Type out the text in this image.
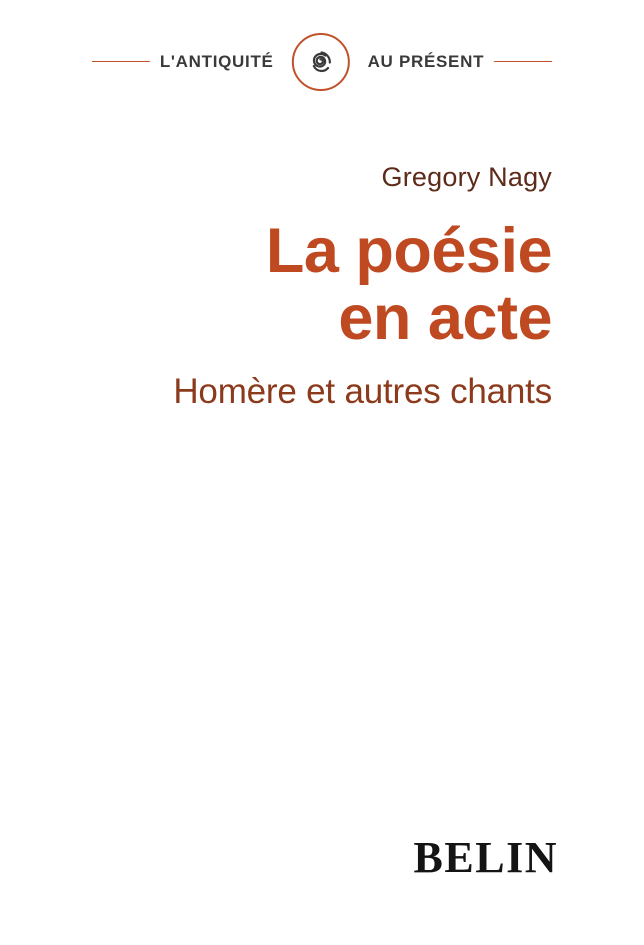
L'ANTIQUITÉ	AU PRÉSENT
Gregory Nagy
La poésie
en acte
Homère et autres chants
BELIN
